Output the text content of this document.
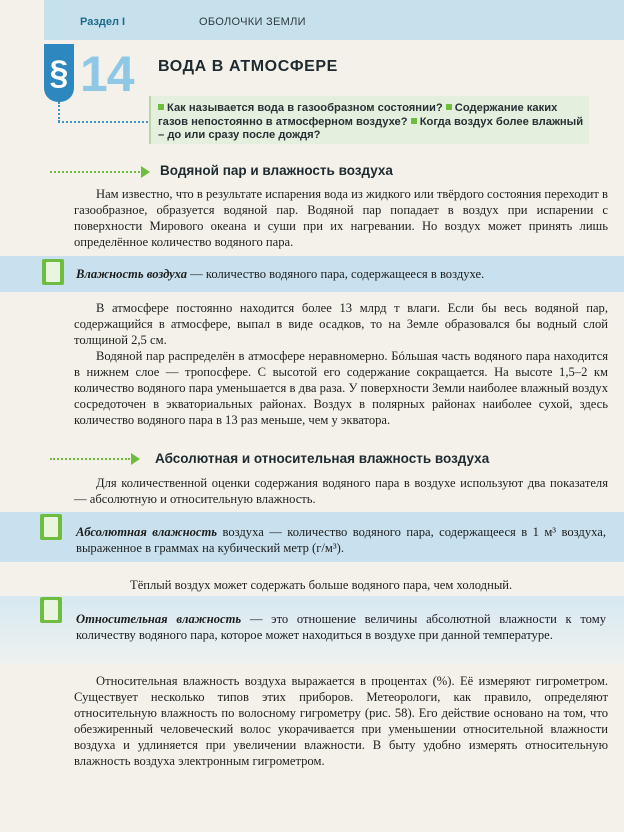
Раздел I	ОБОЛОЧКИ ЗЕМЛИ
§ 14 ВОДА В АТМОСФЕРЕ
Как называется вода в газообразном состоянии? Содержание каких газов непостоянно в атмосферном воздухе? Когда воздух более влажный – до или сразу после дождя?
Водяной пар и влажность воздуха
Нам известно, что в результате испарения вода из жидкого или твёрдого состояния переходит в газообразное, образуется водяной пар. Водяной пар попадает в воздух при испарении с поверхности Мирового океана и суши при их нагревании. Но воздух может принять лишь определённое количество водяного пара.
Влажность воздуха — количество водяного пара, содержащееся в воздухе.
В атмосфере постоянно находится более 13 млрд т влаги. Если бы весь водяной пар, содержащийся в атмосфере, выпал в виде осадков, то на Земле образовался бы водный слой толщиной 2,5 см.
Водяной пар распределён в атмосфере неравномерно. Бóльшая часть водяного пара находится в нижнем слое — тропосфере. С высотой его содержание сокращается. На высоте 1,5–2 км количество водяного пара уменьшается в два раза. У поверхности Земли наиболее влажный воздух сосредоточен в экваториальных районах. Воздух в полярных районах наиболее сухой, здесь количество водяного пара в 13 раз меньше, чем у экватора.
Абсолютная и относительная влажность воздуха
Для количественной оценки содержания водяного пара в воздухе используют два показателя — абсолютную и относительную влажность.
Абсолютная влажность воздуха — количество водяного пара, содержащееся в 1 м³ воздуха, выраженное в граммах на кубический метр (г/м³).
Тёплый воздух может содержать больше водяного пара, чем холодный.
Относительная влажность — это отношение величины абсолютной влажности к тому количеству водяного пара, которое может находиться в воздухе при данной температуре.
Относительная влажность воздуха выражается в процентах (%). Её измеряют гигрометром. Существует несколько типов этих приборов. Метеорологи, как правило, определяют относительную влажность по волосному гигрометру (рис. 58). Его действие основано на том, что обезжиренный человеческий волос укорачивается при уменьшении относительной влажности воздуха и удлиняется при увеличении влажности. В быту удобно измерять относительную влажность воздуха электронным гигрометром.
